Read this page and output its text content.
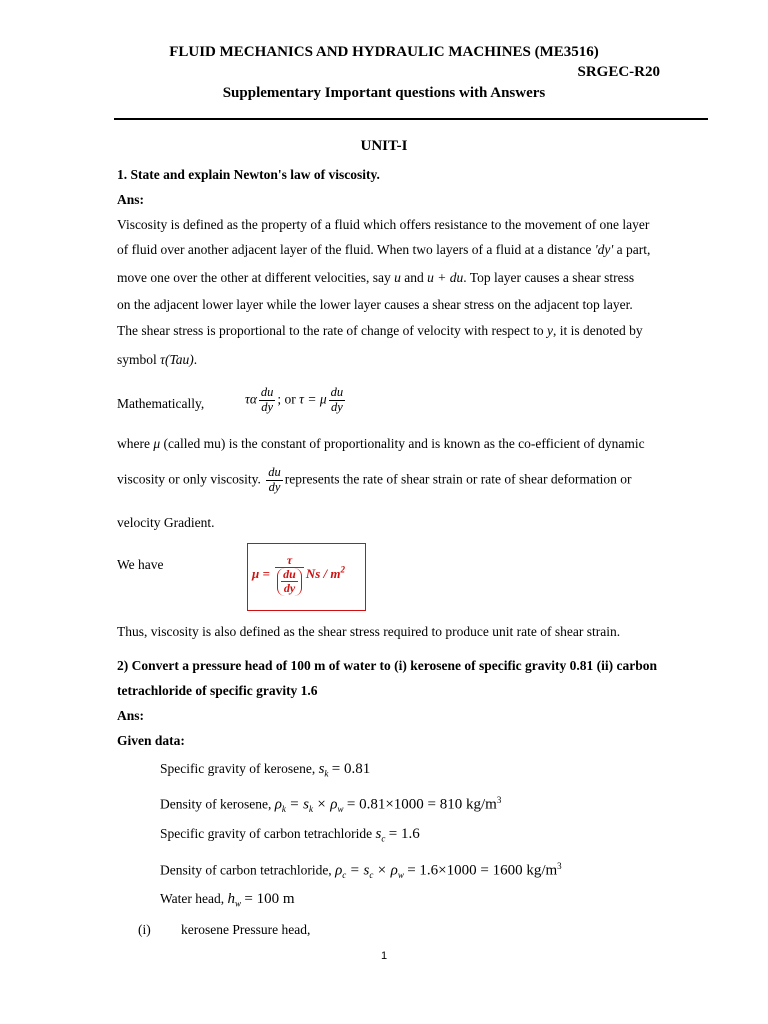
FLUID MECHANICS AND HYDRAULIC MACHINES (ME3516)
SRGEC-R20
Supplementary Important questions with Answers
UNIT-I
1. State and explain Newton's law of viscosity.
Ans:
Viscosity is defined as the property of a fluid which offers resistance to the movement of one layer
of fluid over another adjacent layer of the fluid. When two layers of a fluid at a distance 'dy' a part,
move one over the other at different velocities, say u and u + du. Top layer causes a shear stress
on the adjacent lower layer while the lower layer causes a shear stress on the adjacent top layer.
The shear stress is proportional to the rate of change of velocity with respect to y, it is denoted by
symbol τ(Tau).
Mathematically,	τα $\frac{du}{dy}$ ; or τ = μ $\frac{du}{dy}$
where μ (called mu) is the constant of proportionality and is known as the co-efficient of dynamic
viscosity or only viscosity. $\frac{du}{dy}$ represents the rate of shear strain or rate of shear deformation or
velocity Gradient.
We have
$\mu = \frac{\tau}{\frac{du}{dy}}$ Ns / $m^2$
Thus, viscosity is also defined as the shear stress required to produce unit rate of shear strain.
2) Convert a pressure head of 100 m of water to (i) kerosene of specific gravity 0.81 (ii) carbon
tetrachloride of specific gravity 1.6
Ans:
Given data:
Specific gravity of kerosene, $s_k = 0.81$
Density of kerosene, $\rho_k = s_k \times \rho_w = 0.81\times 1000 = 810$ $kg/m^3$
Specific gravity of carbon tetrachloride $s_c = 1.6$
Density of carbon tetrachloride, $\rho_c = s_c \times \rho_w = 1.6\times 1000 = 1600$ $kg/m^3$
Water head, $h_w = 100$ m
(i) kerosene Pressure head,
1
